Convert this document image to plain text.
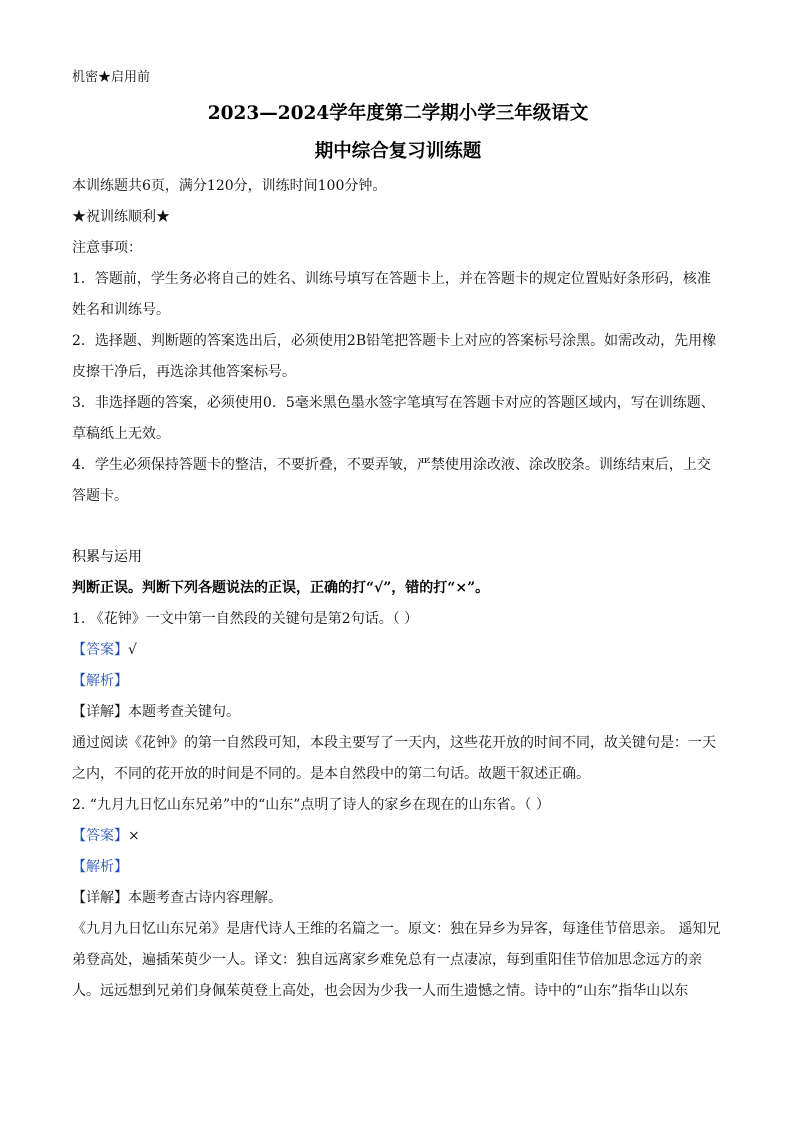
机密★启用前
2023—2024学年度第二学期小学三年级语文
期中综合复习训练题
本训练题共6页，满分120分，训练时间100分钟。
★祝训练顺利★
注意事项：
1．答题前，学生务必将自己的姓名、训练号填写在答题卡上，并在答题卡的规定位置贴好条形码，核准姓名和训练号。
2．选择题、判断题的答案选出后，必须使用2B铅笔把答题卡上对应的答案标号涂黑。如需改动，先用橡皮擦干净后，再选涂其他答案标号。
3．非选择题的答案，必须使用0．5毫米黑色墨水签字笔填写在答题卡对应的答题区域内，写在训练题、草稿纸上无效。
4．学生必须保持答题卡的整洁，不要折叠，不要弄皱，严禁使用涂改液、涂改胶条。训练结束后，上交答题卡。
积累与运用
判断正误。判断下列各题说法的正误，正确的打“√”，错的打“×”。
1. 《花钟》一文中第一自然段的关键句是第2句话。（ ）
【答案】√
【解析】
【详解】本题考查关键句。
通过阅读《花钟》的第一自然段可知，本段主要写了一天内，这些花开放的时间不同，故关键句是：一天之内，不同的花开放的时间是不同的。是本自然段中的第二句话。故题干叙述正确。
2. “九月九日忆山东兄弟”中的“山东”点明了诗人的家乡在现在的山东省。（ ）
【答案】×
【解析】
【详解】本题考查古诗内容理解。
《九月九日忆山东兄弟》是唐代诗人王维的名篇之一。原文：独在异乡为异客，每逢佳节倍思亲。 遥知兄弟登高处，遍插茱萸少一人。译文：独自远离家乡难免总有一点凄凉，每到重阳佳节倍加思念远方的亲人。远远想到兄弟们身佩茱萸登上高处，也会因为少我一人而生遗憾之情。诗中的“山东”指华山以东
